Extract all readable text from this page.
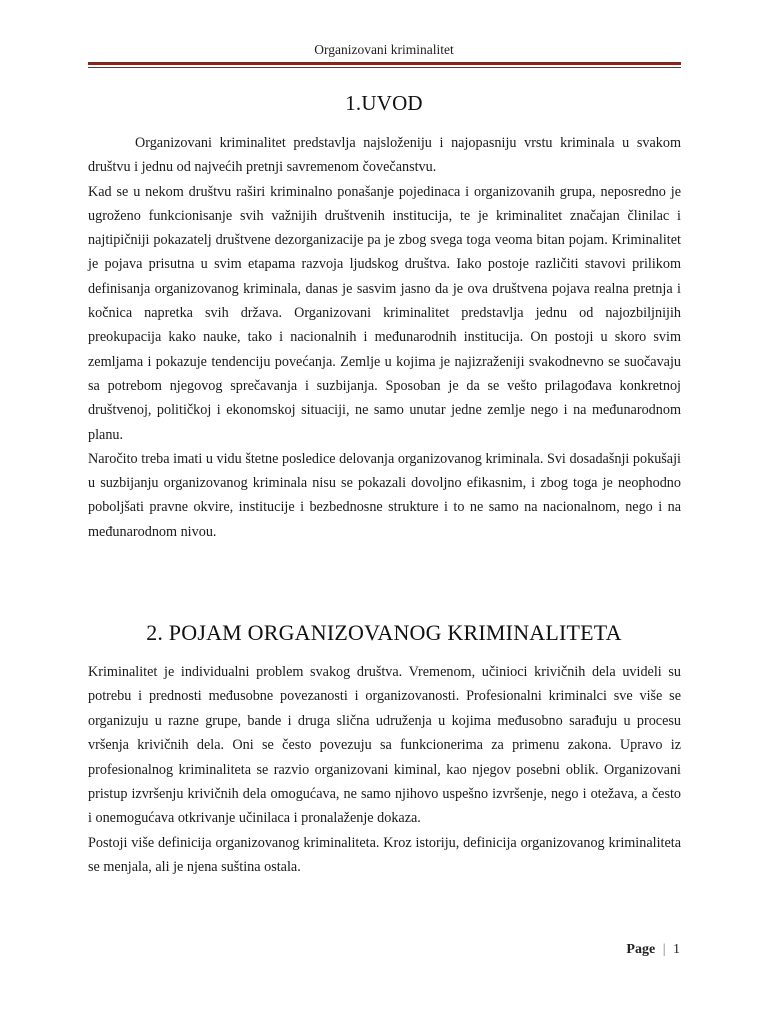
Organizovani kriminalitet
1.UVOD

Organizovani kriminalitet predstavlja najsloženiju i najopasniju vrstu kriminala u svakom društvu i jednu od najvećih pretnji savremenom čovečanstvu.

Kad se u nekom društvu raširi kriminalno ponašanje pojedinaca i organizovanih grupa, neposredno je ugroženo funkcionisanje svih važnijih društvenih institucija, te je kriminalitet značajan člinilac i najtipičniji pokazatelj društvene dezorganizacije pa je zbog svega toga veoma bitan pojam. Kriminalitet je pojava prisutna u svim etapama razvoja ljudskog društva. Iako postoje različiti stavovi prilikom definisanja organizovanog kriminala, danas je sasvim jasno da je ova društvena pojava realna pretnja i kočnica napretka svih država. Organizovani kriminalitet predstavlja jednu od najozbiljnijih preokupacija kako nauke, tako i nacionalnih i međunarodnih institucija. On postoji u skoro svim zemljama i pokazuje tendenciju povećanja. Zemlje u kojima je najizraženiji svakodnevno se suočavaju sa potrebom njegovog sprečavanja i suzbijanja. Sposoban je da se vešto prilagođava konkretnoj društvenoj, političkoj i ekonomskoj situaciji, ne samo unutar jedne zemlje nego i na međunarodnom planu.

Naročito treba imati u vidu štetne posledice delovanja organizovanog kriminala. Svi dosadašnji pokušaji u suzbijanju organizovanog kriminala nisu se pokazali dovoljno efikasnim, i zbog toga je neophodno poboljšati pravne okvire, institucije i bezbednosne strukture i to ne samo na nacionalnom, nego i na međunarodnom nivou.

2. POJAM ORGANIZOVANOG KRIMINALITETA

Kriminalitet je individualni problem svakog društva. Vremenom, učinioci krivičnih dela uvideli su potrebu i prednosti međusobne povezanosti i organizovanosti. Profesionalni kriminalci sve više se organizuju u razne grupe, bande i druga slična udruženja u kojima međusobno sarađuju u procesu vršenja krivičnih dela. Oni se često povezuju sa funkcionerima za primenu zakona. Upravo iz profesionalnog kriminaliteta se razvio organizovani kiminal, kao njegov posebni oblik. Organizovani pristup izvršenju krivičnih dela omogućava, ne samo njihovo uspešno izvršenje, nego i otežava, a često i onemogućava otkrivanje učinilaca i pronalaženje dokaza.

Postoji više definicija organizovanog kriminaliteta. Kroz istoriju, definicija organizovanog kriminaliteta se menjala, ali je njena suština ostala.

Page | 1
